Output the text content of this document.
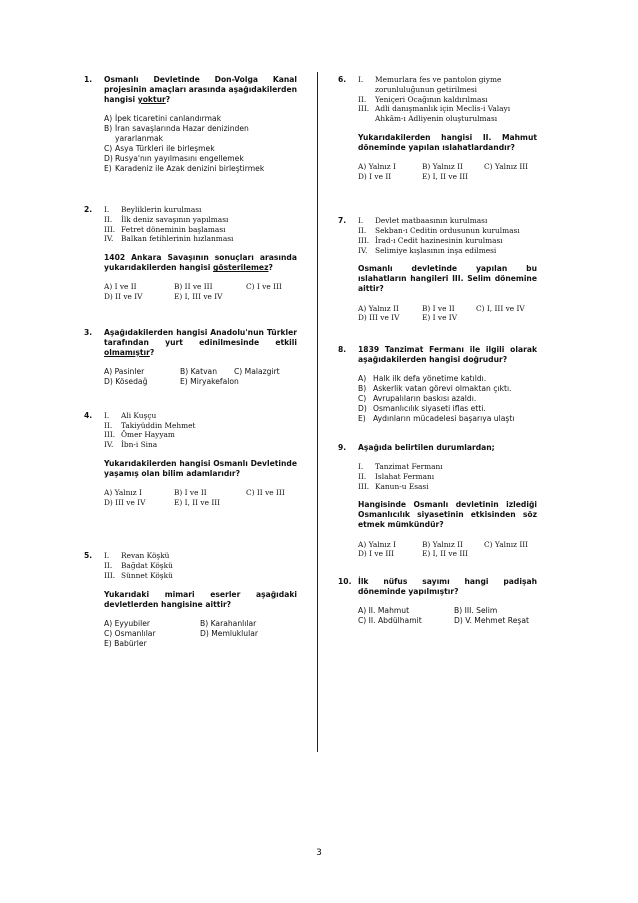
1. Osmanlı Devletinde Don-Volga Kanal projesinin amaçları arasında aşağıdakilerden hangisi yoktur?
A) İpek ticaretini canlandırmak
B) İran savaşlarında Hazar denizinden yararlanmak
C) Asya Türkleri ile birleşmek
D) Rusya'nın yayılmasını engellemek
E) Karadeniz ile Azak denizini birleştirmek
2. I. Beyliklerin kurulması
II. İlk deniz savaşının yapılması
III. Fetret döneminin başlaması
IV. Balkan fetihlerinin hızlanması
1402 Ankara Savaşının sonuçları arasında yukarıdakilerden hangisi gösterilemez?
A) I ve II	B) II ve III	C) I ve III
D) II ve IV	E) I, III ve IV
3. Aşağıdakilerden hangisi Anadolu'nun Türkler tarafından yurt edinilmesinde etkili olmamıştır?
A) Pasinler	B) Katvan	C) Malazgirt
D) Kösedağ	E) Miryakefalon
4. I. Ali Kuşçu
II. Takiyüddin Mehmet
III. Ömer Hayyam
IV. İbn-i Sina
Yukarıdakilerden hangisi Osmanlı Devletinde yaşamış olan bilim adamlarıdır?
A) Yalnız I	B) I ve II	C) II ve III
D) III ve IV	E) I, II ve III
5. I. Revan Köşkü
II. Bağdat Köşkü
III. Sünnet Köşkü
Yukarıdaki mimari eserler aşağıdaki devletlerden hangisine aittir?
A) Eyyubiler	B) Karahanlılar
C) Osmanlılar	D) Memluklular
E) Babürler
6. I. Memurlara fes ve pantolon giyme zorunluluğunun getirilmesi
II. Yeniçeri Ocağının kaldırılması
III. Adli danışmanlık için Meclis-i Valayı Ahkâm-ı Adliyenin oluşturulması
Yukarıdakilerden hangisi II. Mahmut döneminde yapılan ıslahatlardandır?
A) Yalnız I	B) Yalnız II	C) Yalnız III
D) I ve II	E) I, II ve III
7. I. Devlet matbaasının kurulması
II. Sekban-ı Ceditin ordusunun kurulması
III. İrad-ı Cedit hazinesinin kurulması
IV. Selimiye kışlasının inşa edilmesi
Osmanlı devletinde yapılan bu ıslahatların hangileri III. Selim dönemine aittir?
A) Yalnız II	B) I ve II	C) I, III ve IV
D) III ve IV	E) I ve IV
8. 1839 Tanzimat Fermanı ile ilgili olarak aşağıdakilerden hangisi doğrudur?
A) Halk ilk defa yönetime katıldı.
B) Askerlik vatan görevi olmaktan çıktı.
C) Avrupalıların baskısı azaldı.
D) Osmanlıcılık siyaseti iflas etti.
E) Aydınların mücadelesi başarıya ulaştı
9. Aşağıda belirtilen durumlardan;
I. Tanzimat Fermanı
II. Islahat Fermanı
III. Kanun-u Esasi
Hangisinde Osmanlı devletinin izlediği Osmanlıcılık siyasetinin etkisinden söz etmek mümkündür?
A) Yalnız I	B) Yalnız II	C) Yalnız III
D) I ve III	E) I, II ve III
10. İlk nüfus sayımı hangi padişah döneminde yapılmıştır?
A) II. Mahmut	B) III. Selim
C) II. Abdülhamit	D) V. Mehmet Reşat
3
